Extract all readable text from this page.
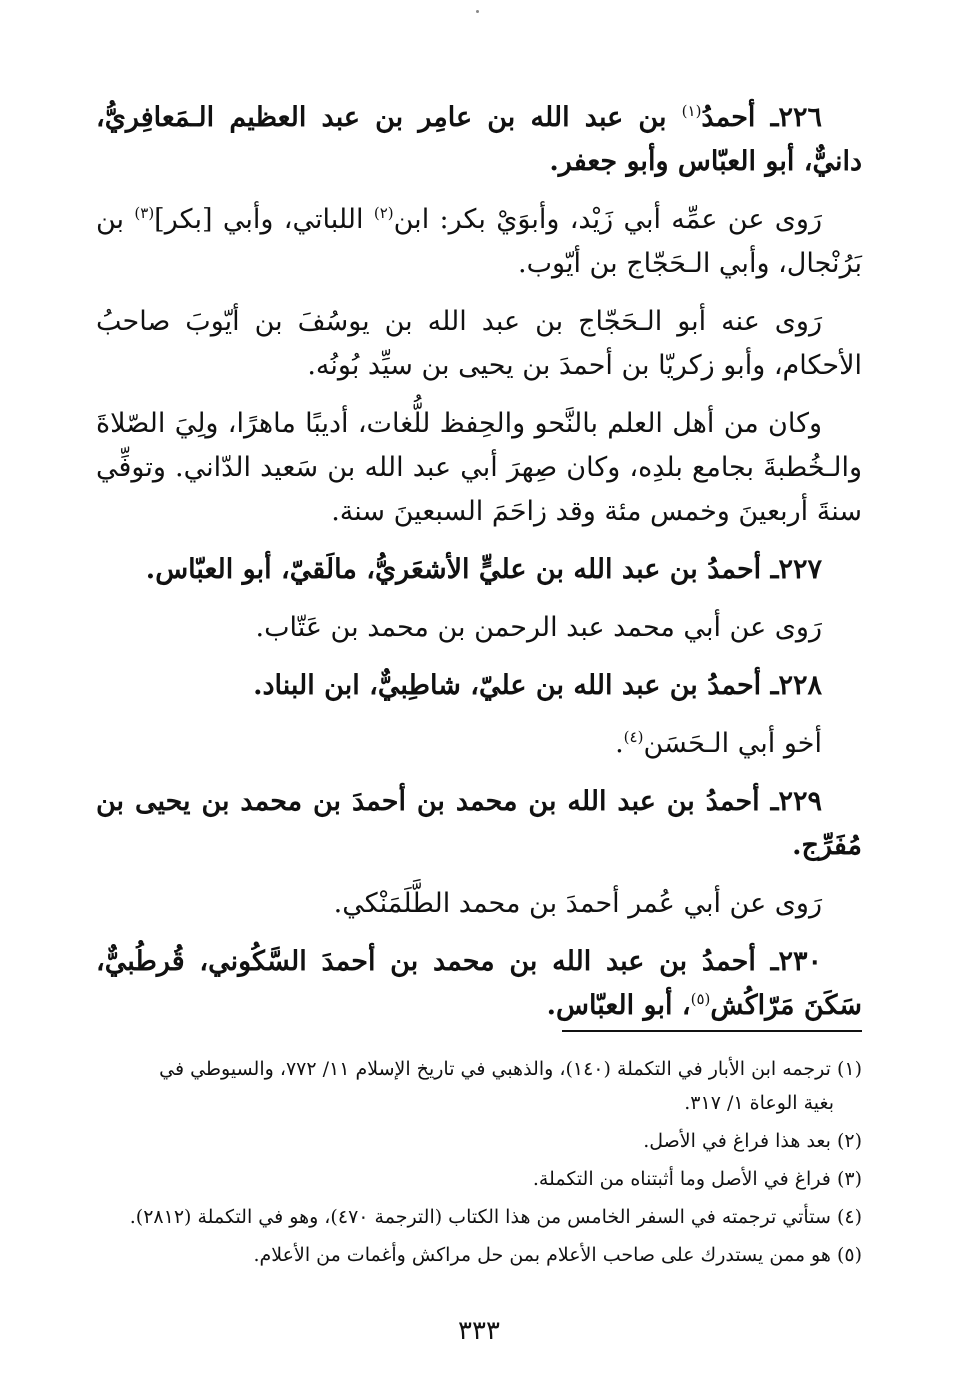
٢٢٦ـ أحمدُ$^{(١)}$ بن عبد الله بن عامِر بن عبد العظيم الـمَعافِريُّ، دانيٌّ، أبو العبّاس وأبو جعفر.

رَوى عن عمِّه أبي زَيْد، وأبوَيْ بكر: ابن$^{(٢)}$ اللباتي، وأبي [بكر]$^{(٣)}$ بن بَرُنْجال، وأبي الـحَجّاج بن أيّوب.

رَوى عنه أبو الـحَجّاج بن عبد الله بن يوسُفَ بن أيّوبَ صاحبُ الأحكام، وأبو زكريّا بن أحمدَ بن يحيى بن سيِّد بُونُه.

وكان من أهل العلم بالنَّحو والحِفظ للُّغات، أديبًا ماهرًا، ولِيَ الصّلاةَ والـخُطبةَ بجامع بلدِه، وكان صِهرَ أبي عبد الله بن سَعيد الدّاني. وتوفِّي سنةَ أربعينَ وخمس مئة وقد زاحَمَ السبعينَ سنة.

٢٢٧ـ أحمدُ بن عبد الله بن عليٍّ الأشعَريُّ، مالَقيّ، أبو العبّاس.

رَوى عن أبي محمد عبد الرحمن بن محمد بن عَتّاب.

٢٢٨ـ أحمدُ بن عبد الله بن عليّ، شاطِبيٌّ، ابن البناد.

أخو أبي الـحَسَن$^{(٤)}$.

٢٢٩ـ أحمدُ بن عبد الله بن محمد بن أحمدَ بن محمد بن يحيى بن مُفَرِّج.

رَوى عن أبي عُمر أحمدَ بن محمد الطَّلَمَنْكي.

٢٣٠ـ أحمدُ بن عبد الله بن محمد بن أحمدَ السَّكُوني، قُرطُبيٌّ، سَكَنَ مَرّاكُش$^{(٥)}$، أبو العبّاس.

(١) ترجمه ابن الأبار في التكملة (١٤٠)، والذهبي في تاريخ الإسلام ١١/ ٧٧٢، والسيوطي في
بغية الوعاة ١/ ٣١٧.

(٢) بعد هذا فراغ في الأصل.

(٣) فراغ في الأصل وما أثبتناه من التكملة.

(٤) ستأتي ترجمته في السفر الخامس من هذا الكتاب (الترجمة ٤٧٠)، وهو في التكملة (٢٨١٢).

(٥) هو ممن يستدرك على صاحب الأعلام بمن حل مراكش وأغمات من الأعلام.

٣٣٣
